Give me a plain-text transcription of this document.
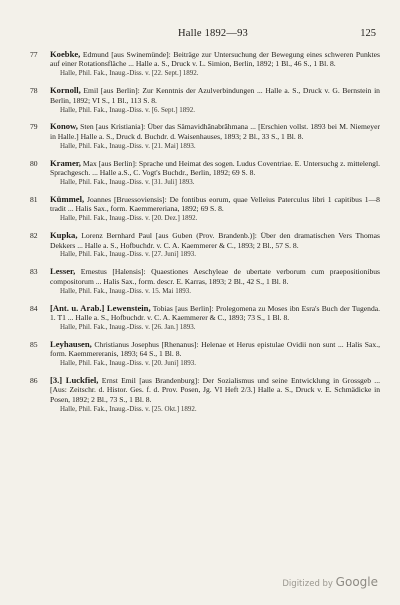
Halle 1892—93	125
77	Koebke, Edmund [aus Swinemünde]: Beiträge zur Untersuchung der Bewegung eines schweren Punktes auf einer Rotationsfläche ... Halle a. S., Druck v. L. Simion, Berlin, 1892; 1 Bl., 46 S., 1 Bl. 8.
Halle, Phil. Fak., Inaug.-Diss. v. [22. Sept.] 1892.
78	Kornoll, Emil [aus Berlin]: Zur Kenntnis der Azulverbindungen ... Halle a. S., Druck v. G. Bernstein in Berlin, 1892; VI S., 1 Bl., 113 S. 8.
Halle, Phil. Fak., Inaug.-Diss. v. [6. Sept.] 1892.
79	Konow, Sten [aus Kristiania]: Über das Sämavidhānabrāhmana ... [Erschien vollst. 1893 bei M. Niemeyer in Halle.] Halle a. S., Druck d. Buchdr. d. Waisenhauses, 1893; 2 Bl., 33 S., 1 Bl. 8.
Halle, Phil. Fak., Inaug.-Diss. v. [21. Mai] 1893.
80	Kramer, Max [aus Berlin]: Sprache und Heimat des sogen. Ludus Coventriae. E. Untersuchg z. mittelengl. Sprachgesch. ... Halle a.S., C. Vogt's Buchdr., Berlin, 1892; 69 S. 8.
Halle, Phil. Fak., Inaug.-Diss. v. [31. Juli] 1893.
81	Kümmel, Joannes [Bruessoviensis]: De fontibus eorum, quae Velleius Paterculus libri 1 capitibus 1—8 tradit ... Halis Sax., form. Kaemmereriana, 1892; 69 S. 8.
Halle, Phil. Fak., Inaug.-Diss. v. [20. Dez.] 1892.
82	Kupka, Lorenz Bernhard Paul [aus Guben (Prov. Brandenb.)]: Über den dramatischen Vers Thomas Dekkers ... Halle a. S., Hofbuchdr. v. C. A. Kaemmerer & C., 1893; 2 Bl., 57 S. 8.
Halle, Phil. Fak., Inaug.-Diss. v. [27. Juni] 1893.
83	Lesser, Ernestus [Halensis]: Quaestiones Aeschyleae de ubertate verborum cum praepositionibus compositorum ... Halis Sax., form. descr. E. Karras, 1893; 2 Bl., 42 S., 1 Bl. 8.
Halle, Phil. Fak., Inaug.-Diss. v. 15. Mai 1893.
84	[Ant. u. Arab.] Lewenstein, Tobias [aus Berlin]: Prolegomena zu Moses ibn Esra's Buch der Tugenda. 1. T1 ... Halle a. S., Hofbuchdr. v. C. A. Kaemmerer & C., 1893; 73 S., 1 Bl. 8.
Halle, Phil. Fak., Inaug.-Diss. v. [26. Jan.] 1893.
85	Leyhausen, Christianus Josephus [Rhenanus]: Helenae et Herus epistulae Ovidii non sunt ... Halis Sax., form. Kaemmereranis, 1893; 64 S., 1 Bl. 8.
Halle, Phil. Fak., Inaug.-Diss. v. [20. Juni] 1893.
86	[3.] Luckfiel, Ernst Emil [aus Brandenburg]: Der Sozialismus und seine Entwicklung in Grossgeb ... [Aus: Zeitschr. d. Histor. Ges. f. d. Prov. Posen, Jg. VI Heft 2/3.] Halle a. S., Druck v. E. Schmädicke in Posen, 1892; 2 Bl., 73 S., 1 Bl. 8.
Halle, Phil. Fak., Inaug.-Diss. v. [25. Okt.] 1892.
Digitized by Google
